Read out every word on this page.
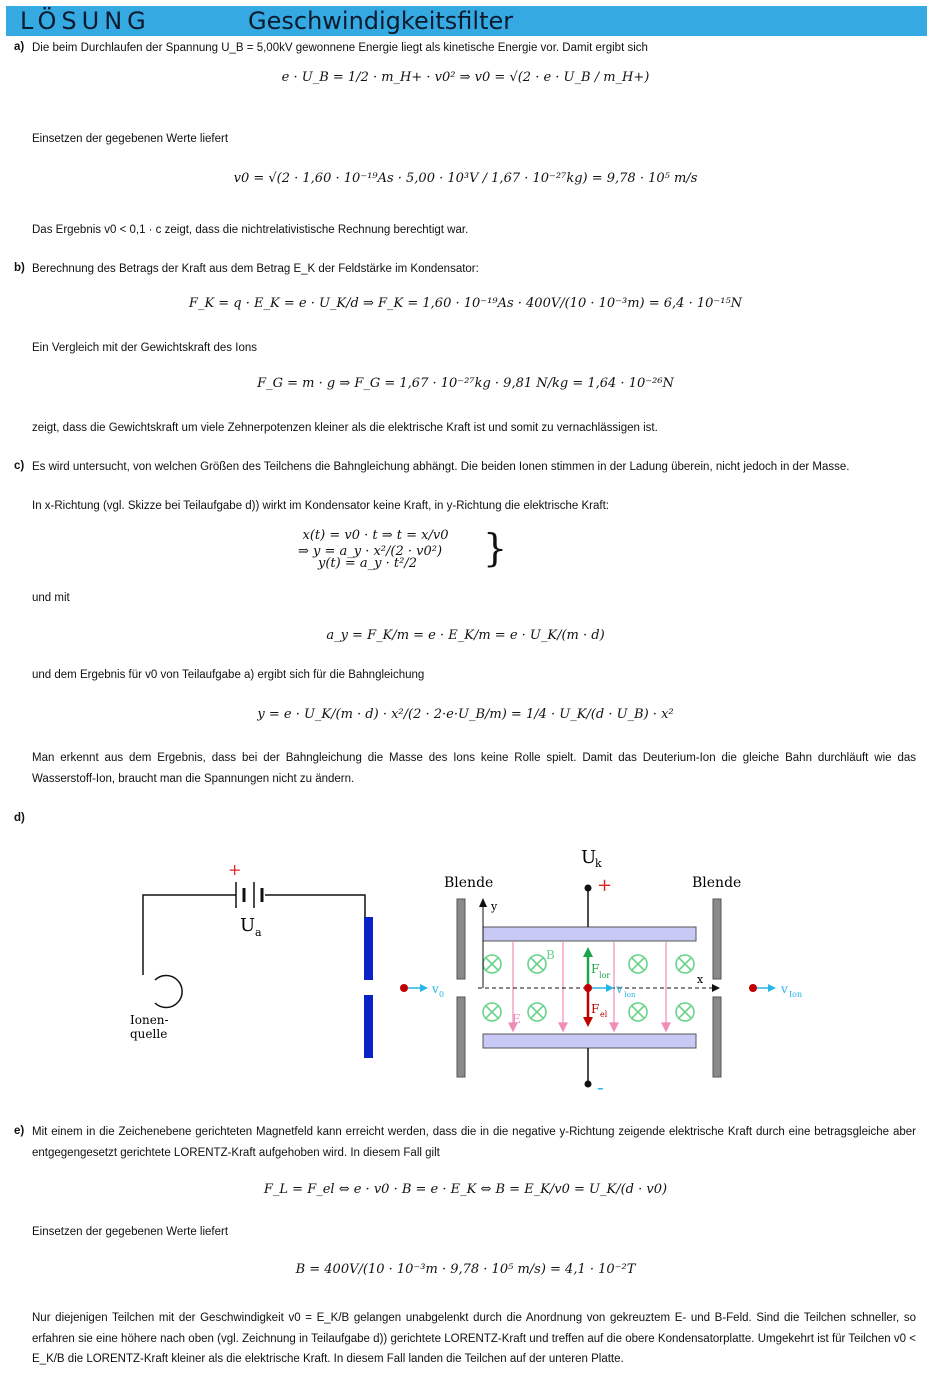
LÖSUNG	Geschwindigkeitsfilter
a) Die beim Durchlaufen der Spannung U_B = 5,00kV gewonnene Energie liegt als kinetische Energie vor. Damit ergibt sich
e · U_B = 1/2 · m_H+ · v0² ⇒ v0 = √(2 · e · U_B / m_H+)
Einsetzen der gegebenen Werte liefert
v0 = √(2 · 1,60 · 10⁻¹⁹As · 5,00 · 10³V / 1,67 · 10⁻²⁷kg) = 9,78 · 10⁵ m/s
Das Ergebnis v0 < 0,1 · c zeigt, dass die nichtrelativistische Rechnung berechtigt war.
b) Berechnung des Betrags der Kraft aus dem Betrag E_K der Feldstärke im Kondensator:
F_K = q · E_K = e · U_K/d ⇒ F_K = 1,60 · 10⁻¹⁹As · 400V/(10 · 10⁻³m) = 6,4 · 10⁻¹⁵N
Ein Vergleich mit der Gewichtskraft des Ions
F_G = m · g ⇒ F_G = 1,67 · 10⁻²⁷kg · 9,81 N/kg = 1,64 · 10⁻²⁶N
zeigt, dass die Gewichtskraft um viele Zehnerpotenzen kleiner als die elektrische Kraft ist und somit zu vernachlässigen ist.
c) Es wird untersucht, von welchen Größen des Teilchens die Bahngleichung abhängt. Die beiden Ionen stimmen in der Ladung überein, nicht jedoch in der Masse.
In x-Richtung (vgl. Skizze bei Teilaufgabe d)) wirkt im Kondensator keine Kraft, in y-Richtung die elektrische Kraft:
x(t) = v0 · t ⇒ t = x/v0
y(t) = a_y · t²/2	}
⇒ y = a_y · x²/(2 · v0²)
und mit
a_y = F_K/m = e · E_K/m = e · U_K/(m · d)
und dem Ergebnis für v0 von Teilaufgabe a) ergibt sich für die Bahngleichung
y = e · U_K/(m · d) · x²/(2 · 2·e·U_B/m) = 1/4 · U_K/(d · U_B) · x²
Man erkennt aus dem Ergebnis, dass bei der Bahngleichung die Masse des Ions keine Rolle spielt. Damit das Deuterium-Ion die gleiche Bahn durchläuft wie das Wasserstoff-Ion, braucht man die Spannungen nicht zu ändern.
d)
+
U a
Ionen-
quelle
Blende	Blende
U
k
+
-
B
E
x
y
F lor
F el
v 0	v Ion	v Ion
e) Mit einem in die Zeichenebene gerichteten Magnetfeld kann erreicht werden, dass die in die negative y-Richtung zeigende elektrische Kraft durch eine betragsgleiche aber entgegengesetzt gerichtete LORENTZ-Kraft aufgehoben wird. In diesem Fall gilt
F_L = F_el ⇔ e · v0 · B = e · E_K ⇔ B = E_K/v0 = U_K/(d · v0)
Einsetzen der gegebenen Werte liefert
B = 400V/(10 · 10⁻³m · 9,78 · 10⁵ m/s) = 4,1 · 10⁻²T
Nur diejenigen Teilchen mit der Geschwindigkeit v0 = E_K/B gelangen unabgelenkt durch die Anordnung von gekreuztem E- und B-Feld. Sind die Teilchen schneller, so erfahren sie eine höhere nach oben (vgl. Zeichnung in Teilaufgabe d)) gerichtete LORENTZ-Kraft und treffen auf die obere Kondensatorplatte. Umgekehrt ist für Teilchen v0 < E_K/B die LORENTZ-Kraft kleiner als die elektrische Kraft. In diesem Fall landen die Teilchen auf der unteren Platte.
